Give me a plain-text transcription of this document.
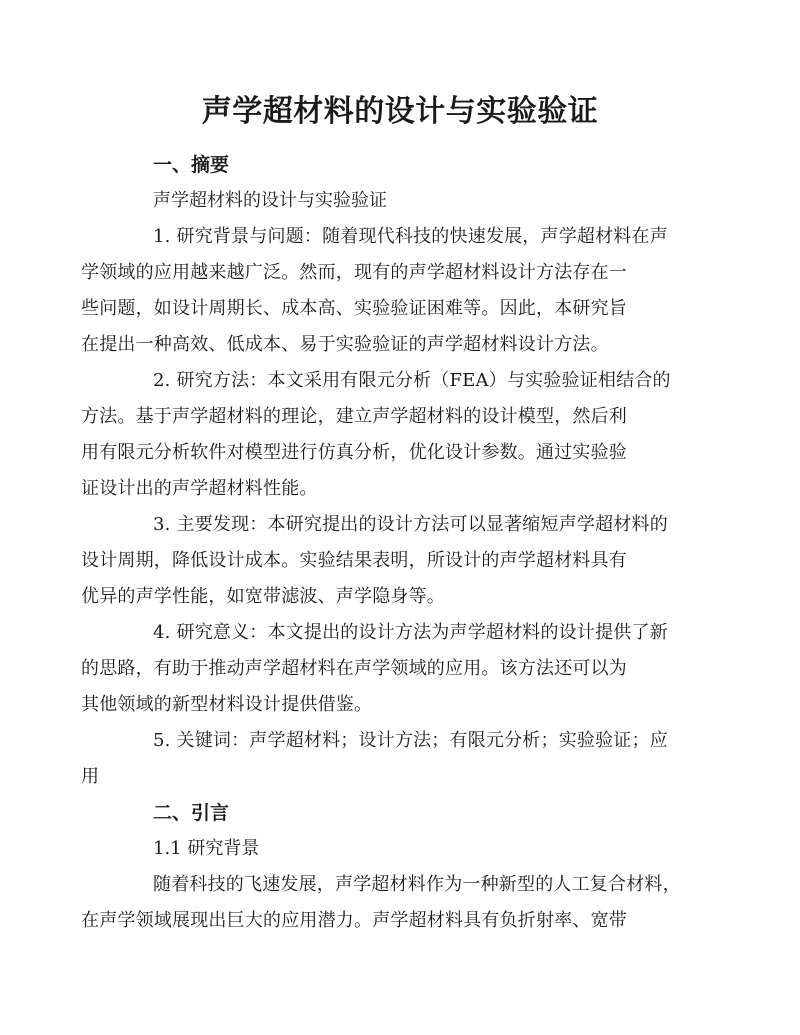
声学超材料的设计与实验验证
一、摘要
声学超材料的设计与实验验证
1. 研究背景与问题：随着现代科技的快速发展，声学超材料在声
学领域的应用越来越广泛。然而，现有的声学超材料设计方法存在一
些问题，如设计周期长、成本高、实验验证困难等。因此，本研究旨
在提出一种高效、低成本、易于实验验证的声学超材料设计方法。
2. 研究方法：本文采用有限元分析（FEA）与实验验证相结合的
方法。基于声学超材料的理论，建立声学超材料的设计模型，然后利
用有限元分析软件对模型进行仿真分析，优化设计参数。通过实验验
证设计出的声学超材料性能。
3. 主要发现：本研究提出的设计方法可以显著缩短声学超材料的
设计周期，降低设计成本。实验结果表明，所设计的声学超材料具有
优异的声学性能，如宽带滤波、声学隐身等。
4. 研究意义：本文提出的设计方法为声学超材料的设计提供了新
的思路，有助于推动声学超材料在声学领域的应用。该方法还可以为
其他领域的新型材料设计提供借鉴。
5. 关键词：声学超材料；设计方法；有限元分析；实验验证；应
用
二、引言
1.1 研究背景
随着科技的飞速发展，声学超材料作为一种新型的人工复合材料，
在声学领域展现出巨大的应用潜力。声学超材料具有负折射率、宽带
